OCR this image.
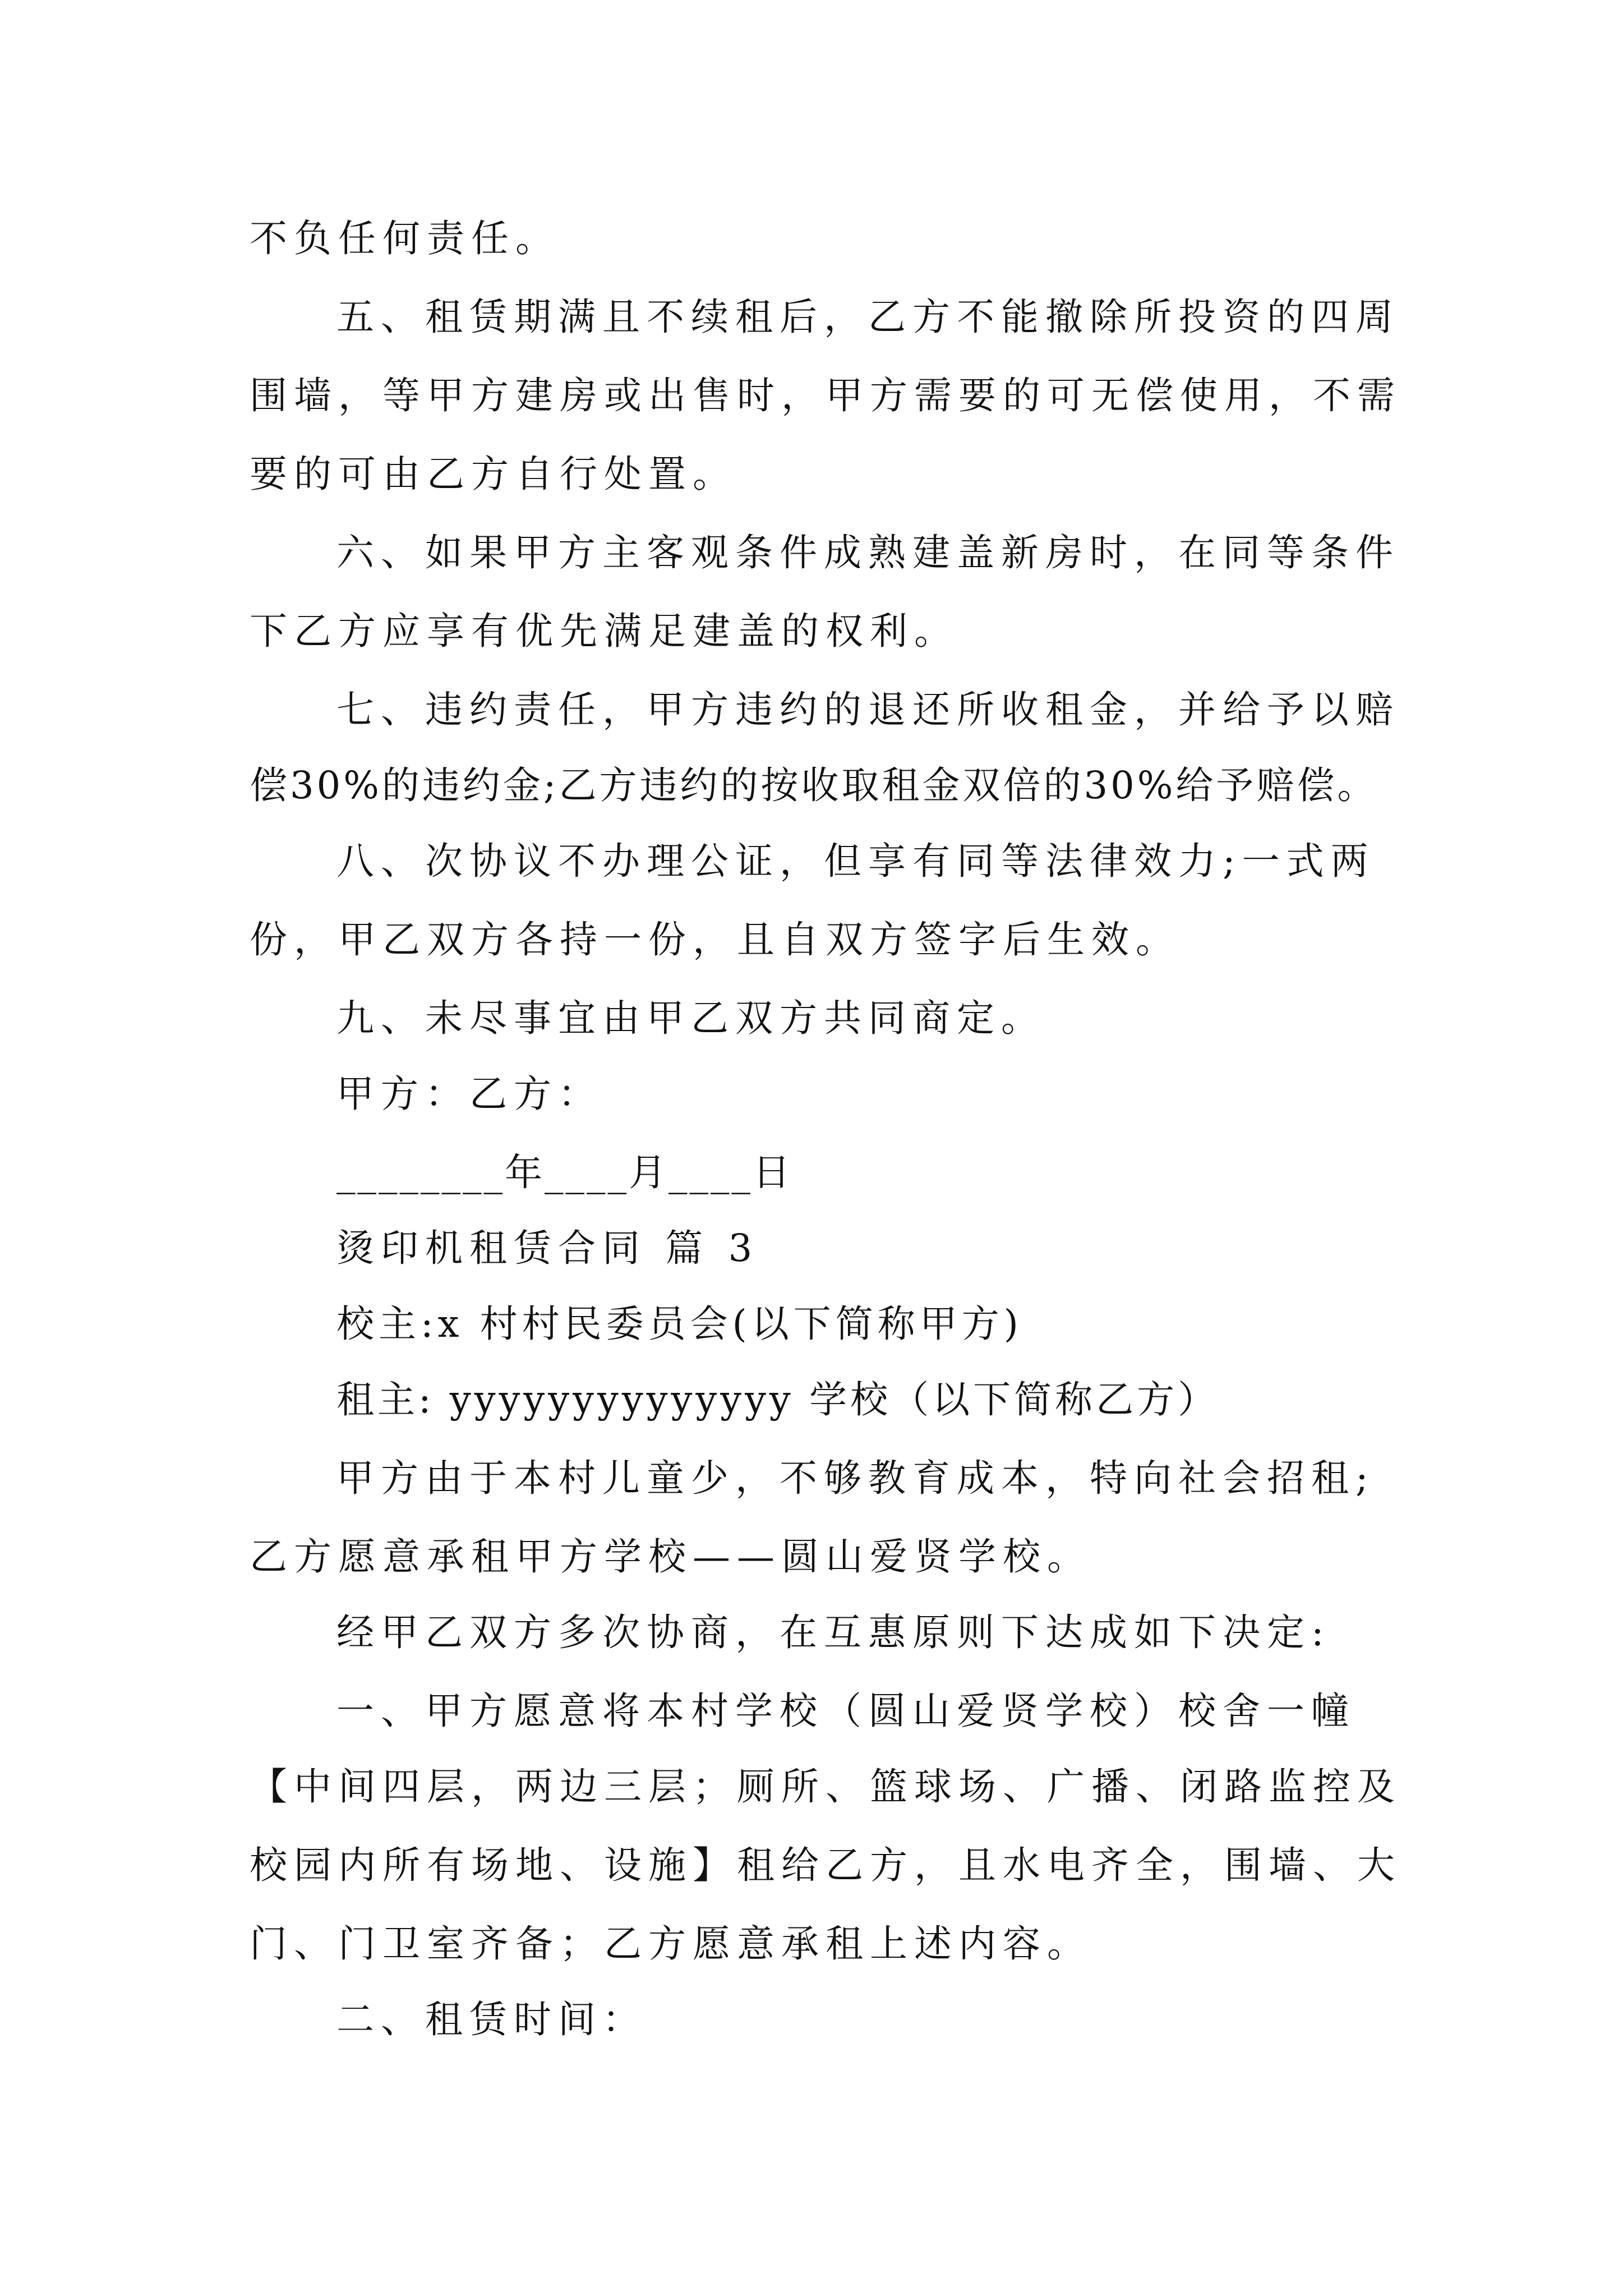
不负任何责任。
五、租赁期满且不续租后，乙方不能撤除所投资的四周
围墙，等甲方建房或出售时，甲方需要的可无偿使用，不需
要的可由乙方自行处置。
六、如果甲方主客观条件成熟建盖新房时，在同等条件
下乙方应享有优先满足建盖的权利。
七、违约责任，甲方违约的退还所收租金，并给予以赔
偿30%的违约金;乙方违约的按收取租金双倍的30%给予赔偿。
八、次协议不办理公证，但享有同等法律效力;一式两
份，甲乙双方各持一份，且自双方签字后生效。
九、未尽事宜由甲乙双方共同商定。
甲方：乙方：
________年____月____日
烫印机租赁合同 篇 3
校主:x 村村民委员会(以下简称甲方)
租主: yyyyyyyyyyyyyy 学校（以下简称乙方）
甲方由于本村儿童少，不够教育成本，特向社会招租;
乙方愿意承租甲方学校——圆山爱贤学校。
经甲乙双方多次协商，在互惠原则下达成如下决定:
一、甲方愿意将本村学校（圆山爱贤学校）校舍一幢
【中间四层，两边三层；厕所、篮球场、广播、闭路监控及
校园内所有场地、设施】租给乙方，且水电齐全，围墙、大
门、门卫室齐备；乙方愿意承租上述内容。
二、租赁时间：
